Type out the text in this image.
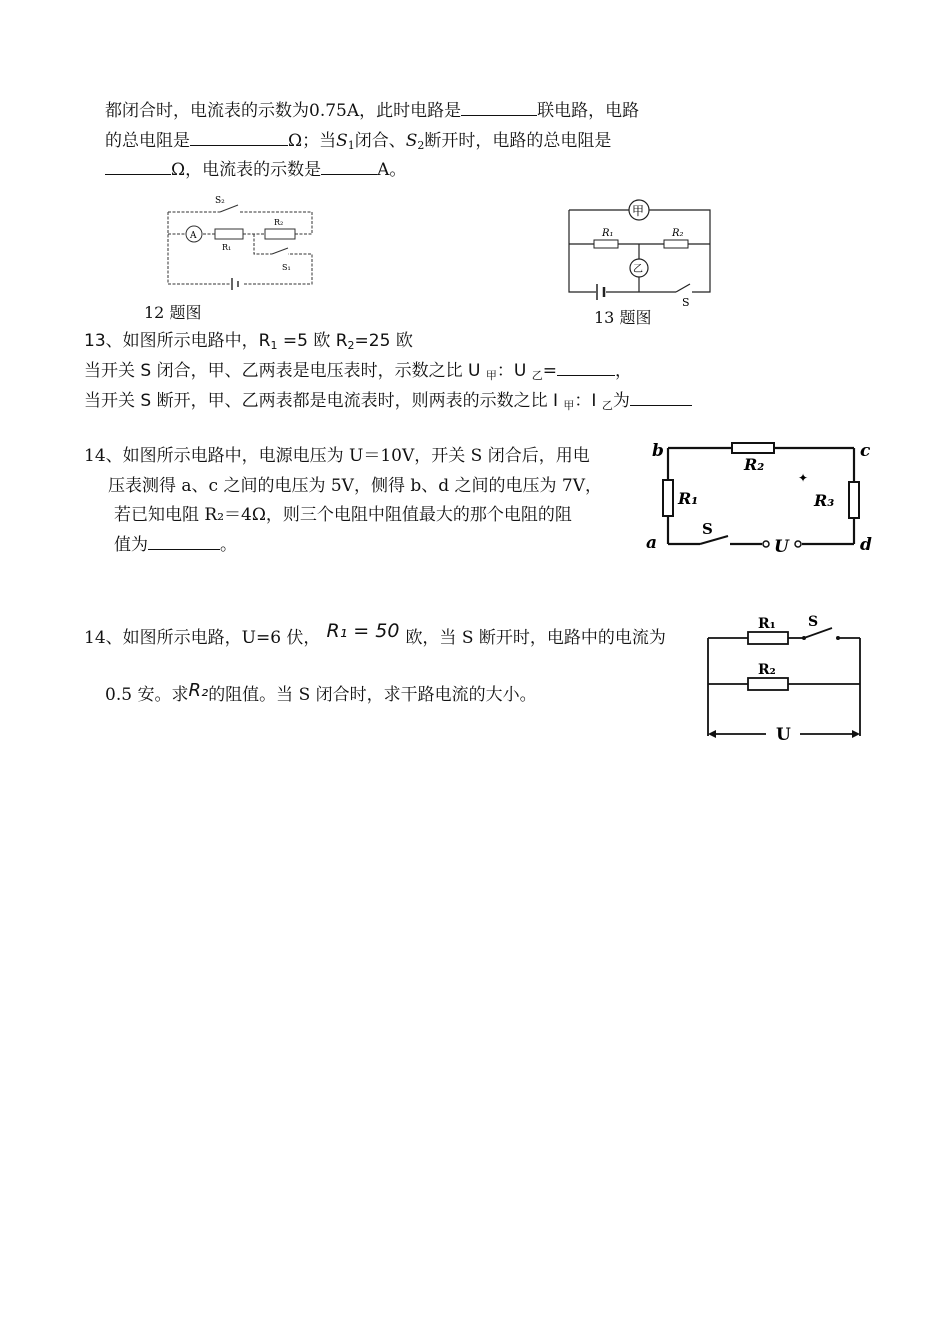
都闭合时，电流表的示数为0.75A，此时电路是	联电路，电路
的总电阻是	Ω；当$S_1$闭合、$S_2$断开时，电路的总电阻是
Ω，电流表的示数是	A。
A
S₂
R₂
R₁
S₁
12 题图
甲
R₁	R₂
乙
S
13 题图
13、如图所示电路中，$R_1 =5$ 欧 $R_2=25$ 欧
当开关 S 闭合，甲、乙两表是电压表时，示数之比 U $_甲$：U $_乙$=	，
当开关 S 断开，甲、乙两表都是电流表时，则两表的示数之比 I $_甲$：I $_乙$为
14、如图所示电路中，电源电压为 U＝10V，开关 S 闭合后，用电
压表测得 a、c 之间的电压为 5V，侧得 b、d 之间的电压为 7V，
若已知电阻 R₂＝4Ω，则三个电阻中阻值最大的那个电阻的阻
值为	。
b	c
R₂
R₁	R₃
a
S
U	d
✦
14、如图所示电路，U=6 伏， R₁ = 50 欧，当 S 断开时，电路中的电流为
0.5 安。求R₂的阻值。当 S 闭合时，求干路电流的大小。
R₁ S
R₂
U
